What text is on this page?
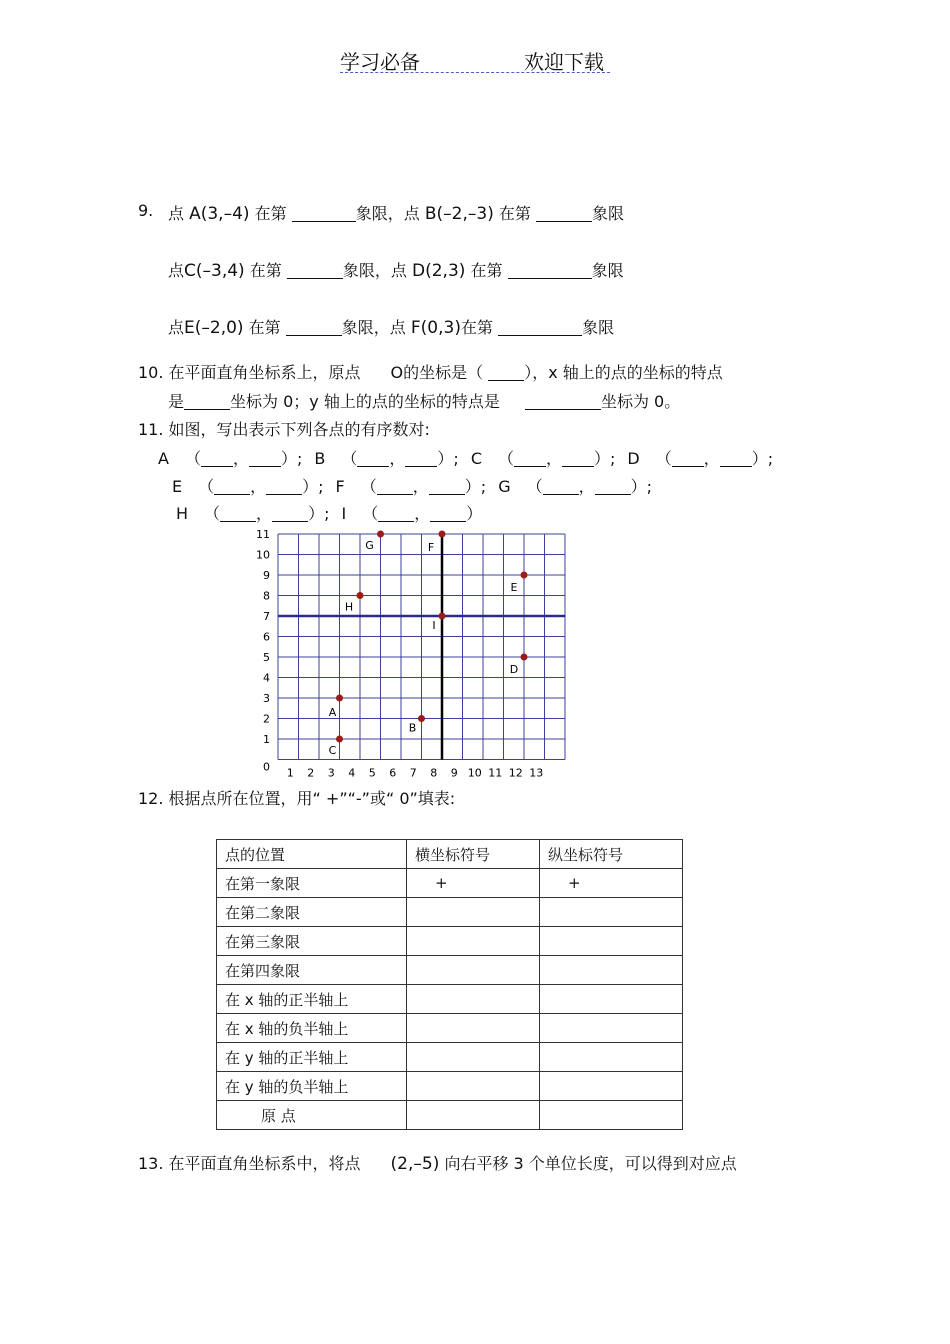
学习必备	欢迎下载
9. 点 A(3,–4) 在第	象限，点 B(–2,–3) 在第	象限
点C(–3,4) 在第	象限，点 D(2,3) 在第	象限
点E(–2,0) 在第	象限，点 F(0,3)在第	象限
10. 在平面直角坐标系上，原点 O的坐标是（	），x 轴上的点的坐标的特点
是	坐标为 0；y 轴上的点的坐标的特点是	坐标为 0。
11. 如图，写出表示下列各点的有序数对:
A （ ， ）; B （ ， ）; C （ ， ）; D （ ， ）;
E （ ， ）; F （ ， ）; G （ ， ）;
H （ ， ）; I （ ， ）
1 2 3 4 5 6 7 8 9 10 11 12 13
0
1
2
3
4
5
6
7
8
9
10
11
A
B
C
D
E
F
G
H
I
12. 根据点所在位置，用“ +”“-”或“ 0”填表:
点的位置	横坐标符号	纵坐标符号
在第一象限	+	+
在第二象限		
在第三象限		
在第四象限		
在 x 轴的正半轴上		
在 x 轴的负半轴上		
在 y 轴的正半轴上		
在 y 轴的负半轴上		
原 点		
13. 在平面直角坐标系中，将点 (2,–5) 向右平移 3 个单位长度，可以得到对应点
